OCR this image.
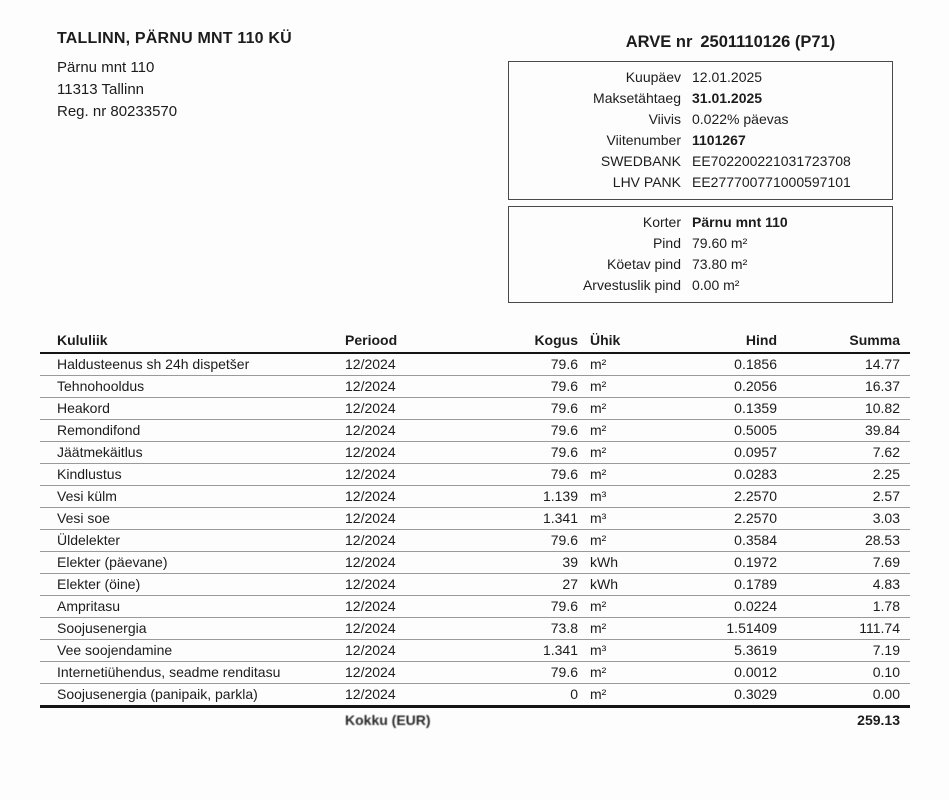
TALLINN, PÄRNU MNT 110 KÜ
Pärnu mnt 110
11313 Tallinn
Reg. nr 80233570
ARVE nr 2501110126 (P71)
Kuupäev 12.01.2025
Maksetähtaeg 31.01.2025
Viivis 0.022% päevas
Viitenumber 1101267
SWEDBANK EE702200221031723708
LHV PANK EE277700771000597101
Korter Pärnu mnt 110
Pind 79.60 m²
Köetav pind 73.80 m²
Arvestuslik pind 0.00 m²
Kululiik	Periood	Kogus	Ühik	Hind	Summa
Haldusteenus sh 24h dispetšer	12/2024	79.6	m²	0.1856	14.77
Tehnohooldus	12/2024	79.6	m²	0.2056	16.37
Heakord	12/2024	79.6	m²	0.1359	10.82
Remondifond	12/2024	79.6	m²	0.5005	39.84
Jäätmekäitlus	12/2024	79.6	m²	0.0957	7.62
Kindlustus	12/2024	79.6	m²	0.0283	2.25
Vesi külm	12/2024	1.139	m³	2.2570	2.57
Vesi soe	12/2024	1.341	m³	2.2570	3.03
Üldelekter	12/2024	79.6	m²	0.3584	28.53
Elekter (päevane)	12/2024	39	kWh	0.1972	7.69
Elekter (öine)	12/2024	27	kWh	0.1789	4.83
Ampritasu	12/2024	79.6	m²	0.0224	1.78
Soojusenergia	12/2024	73.8	m²	1.51409	111.74
Vee soojendamine	12/2024	1.341	m³	5.3619	7.19
Internetiühendus, seadme renditasu	12/2024	79.6	m²	0.0012	0.10
Soojusenergia (panipaik, parkla)	12/2024	0	m²	0.3029	0.00
	Kokku (EUR)				259.13
